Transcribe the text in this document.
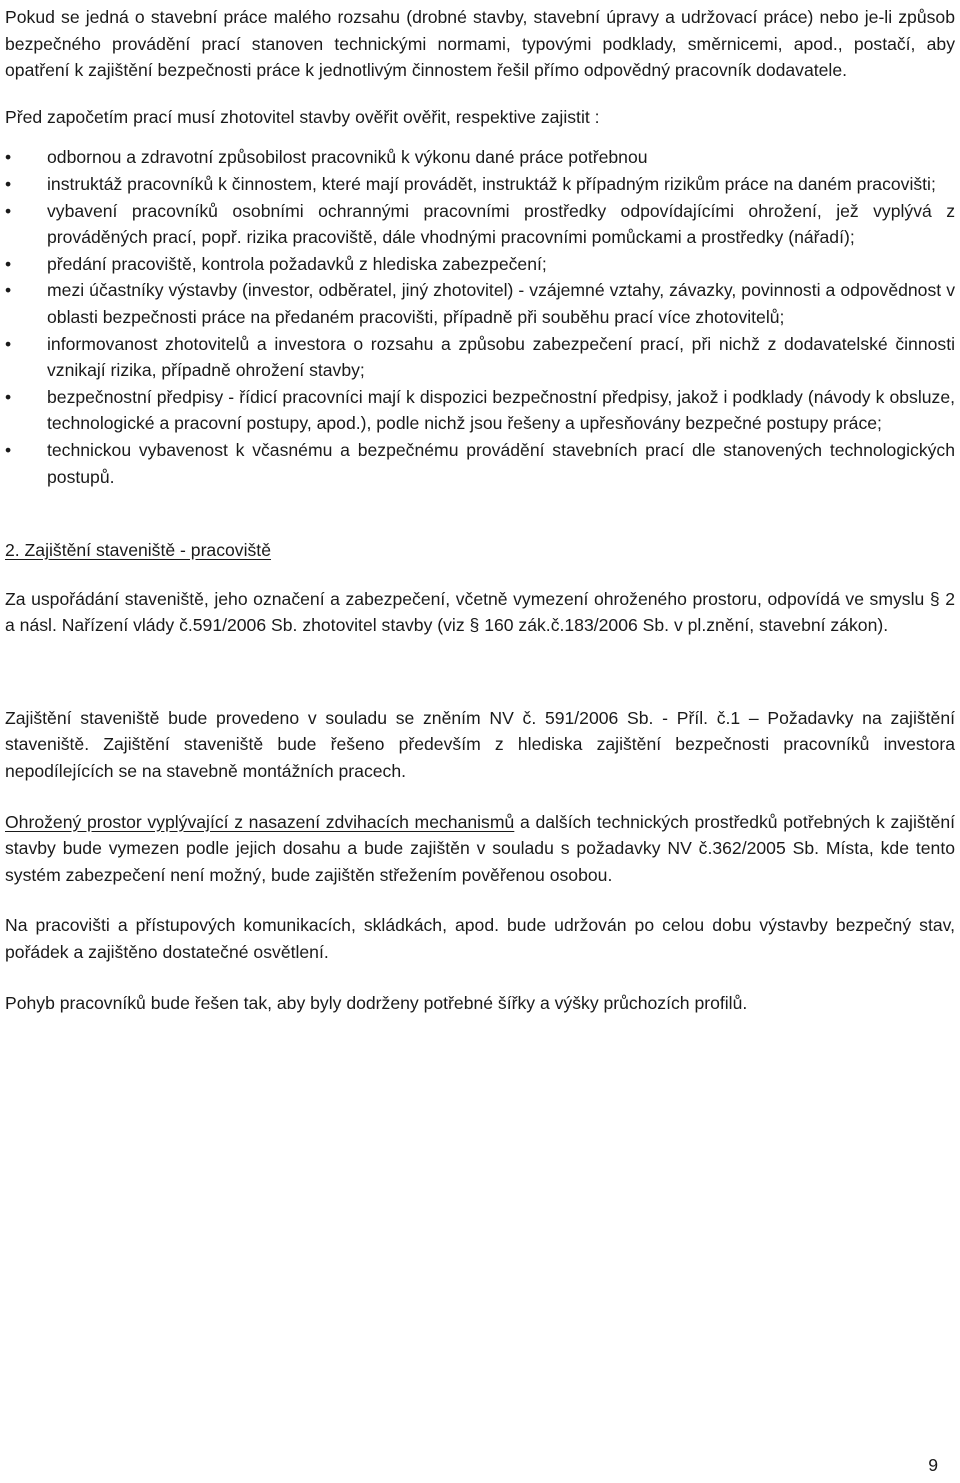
Pokud se jedná o stavební práce malého rozsahu (drobné stavby, stavební úpravy a udržovací práce) nebo je-li způsob bezpečného provádění prací stanoven technickými normami, typovými podklady, směrnicemi, apod., postačí, aby opatření k zajištění bezpečnosti práce k jednotlivým činnostem řešil přímo odpovědný pracovník dodavatele.

Před započetím prací musí zhotovitel stavby ověřit ověřit, respektive zajistit :

• odbornou a zdravotní způsobilost pracovniků k výkonu dané práce potřebnou
• instruktáž pracovníků k činnostem, které mají provádět, instruktáž k případným rizikům práce na daném pracovišti;
• vybavení pracovníků osobními ochrannými pracovními prostředky odpovídajícími ohrožení, jež vyplývá z prováděných prací, popř. rizika pracoviště, dále vhodnými pracovními pomůckami a prostředky (nářadí);
• předání pracoviště, kontrola požadavků z hlediska zabezpečení;
• mezi účastníky výstavby (investor, odběratel, jiný zhotovitel) - vzájemné vztahy, závazky, povinnosti a odpovědnost v oblasti bezpečnosti práce na předaném pracovišti, případně při souběhu prací více zhotovitelů;
• informovanost zhotovitelů a investora o rozsahu a způsobu zabezpečení prací, při nichž z dodavatelské činnosti vznikají rizika, případně ohrožení stavby;
• bezpečnostní předpisy - řídicí pracovníci mají k dispozici bezpečnostní předpisy, jakož i podklady (návody k obsluze, technologické a pracovní postupy, apod.), podle nichž jsou řešeny a upřesňovány bezpečné postupy práce;
• technickou vybavenost k včasnému a bezpečnému provádění stavebních prací dle stanovených technologických postupů.
2. Zajištění staveniště - pracoviště

Za uspořádání staveniště, jeho označení a zabezpečení, včetně vymezení ohroženého prostoru, odpovídá ve smyslu § 2 a násl. Nařízení vlády č.591/2006 Sb. zhotovitel stavby (viz § 160 zák.č.183/2006 Sb. v pl.znění, stavební zákon).

Zajištění staveniště bude provedeno v souladu se zněním NV č. 591/2006 Sb. - Příl. č.1 – Požadavky na zajištění staveniště. Zajištění staveniště bude řešeno především z hlediska zajištění bezpečnosti pracovníků investora nepodílejících se na stavebně montážních pracech.

Ohrožený prostor vyplývající z nasazení zdvihacích mechanismů a dalších technických prostředků potřebných k zajištění stavby bude vymezen podle jejich dosahu a bude zajištěn v souladu s požadavky NV č.362/2005 Sb. Místa, kde tento systém zabezpečení není možný, bude zajištěn střežením pověřenou osobou.

Na pracovišti a přístupových komunikacích, skládkách, apod. bude udržován po celou dobu výstavby bezpečný stav, pořádek a zajištěno dostatečné osvětlení.

Pohyb pracovníků bude řešen tak, aby byly dodrženy potřebné šířky a výšky průchozích profilů.

9
